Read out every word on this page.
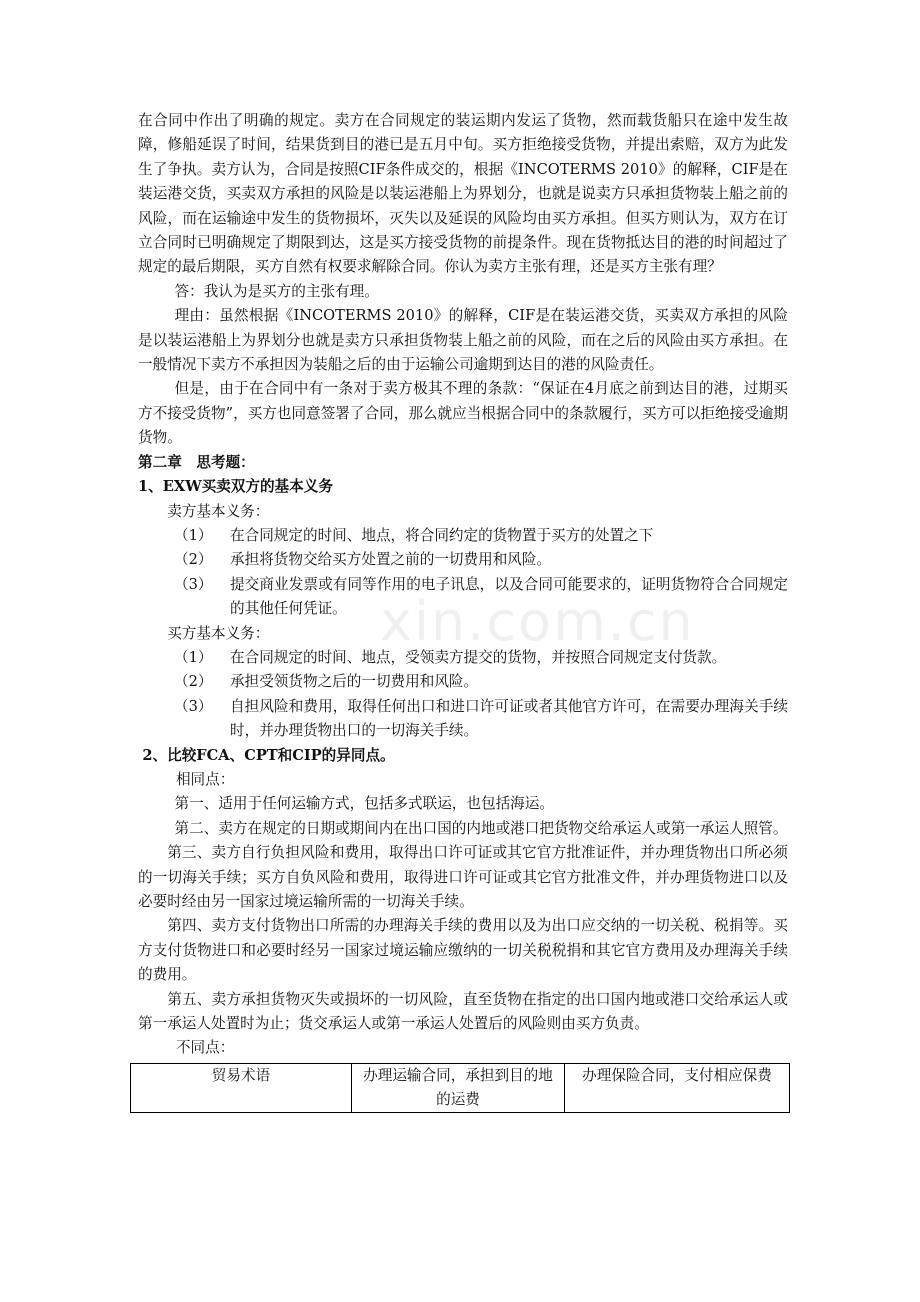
xin.com.cn

在合同中作出了明确的规定。卖方在合同规定的装运期内发运了货物，然而载货船只在途中发生故障，修船延误了时间，结果货到目的港已是五月中旬。买方拒绝接受货物，并提出索赔，双方为此发生了争执。卖方认为，合同是按照CIF条件成交的，根据《INCOTERMS 2010》的解释，CIF是在装运港交货，买卖双方承担的风险是以装运港船上为界划分，也就是说卖方只承担货物装上船之前的风险，而在运输途中发生的货物损坏，灭失以及延误的风险均由买方承担。但买方则认为，双方在订立合同时已明确规定了期限到达，这是买方接受货物的前提条件。现在货物抵达目的港的时间超过了规定的最后期限，买方自然有权要求解除合同。你认为卖方主张有理，还是买方主张有理？

答：我认为是买方的主张有理。

理由：虽然根据《INCOTERMS 2010》的解释，CIF是在装运港交货，买卖双方承担的风险是以装运港船上为界划分也就是卖方只承担货物装上船之前的风险，而在之后的风险由买方承担。在一般情况下卖方不承担因为装船之后的由于运输公司逾期到达目的港的风险责任。

但是，由于在合同中有一条对于卖方极其不理的条款：“保证在4月底之前到达目的港，过期买方不接受货物”，买方也同意签署了合同，那么就应当根据合同中的条款履行，买方可以拒绝接受逾期货物。

第二章　思考题：

1、EXW买卖双方的基本义务

卖方基本义务：

（1）	在合同规定的时间、地点，将合同约定的货物置于买方的处置之下
（2）	承担将货物交给买方处置之前的一切费用和风险。
（3）	提交商业发票或有同等作用的电子讯息，以及合同可能要求的，证明货物符合合同规定的其他任何凭证。

买方基本义务：

（1）	在合同规定的时间、地点，受领卖方提交的货物，并按照合同规定支付货款。
（2）	承担受领货物之后的一切费用和风险。
（3）	自担风险和费用，取得任何出口和进口许可证或者其他官方许可，在需要办理海关手续时，并办理货物出口的一切海关手续。

2、比较FCA、CPT和CIP的异同点。

相同点：

第一、适用于任何运输方式，包括多式联运，也包括海运。

第二、卖方在规定的日期或期间内在出口国的内地或港口把货物交给承运人或第一承运人照管。

第三、卖方自行负担风险和费用，取得出口许可证或其它官方批准证件，并办理货物出口所必须的一切海关手续；买方自负风险和费用，取得进口许可证或其它官方批准文件，并办理货物进口以及必要时经由另一国家过境运输所需的一切海关手续。

第四、卖方支付货物出口所需的办理海关手续的费用以及为出口应交纳的一切关税、税捐等。买方支付货物进口和必要时经另一国家过境运输应缴纳的一切关税税捐和其它官方费用及办理海关手续的费用。

第五、卖方承担货物灭失或损坏的一切风险，直至货物在指定的出口国内地或港口交给承运人或第一承运人处置时为止；货交承运人或第一承运人处置后的风险则由买方负责。

不同点：

贸易术语	办理运输合同，承担到目的地的运费	办理保险合同，支付相应保费
